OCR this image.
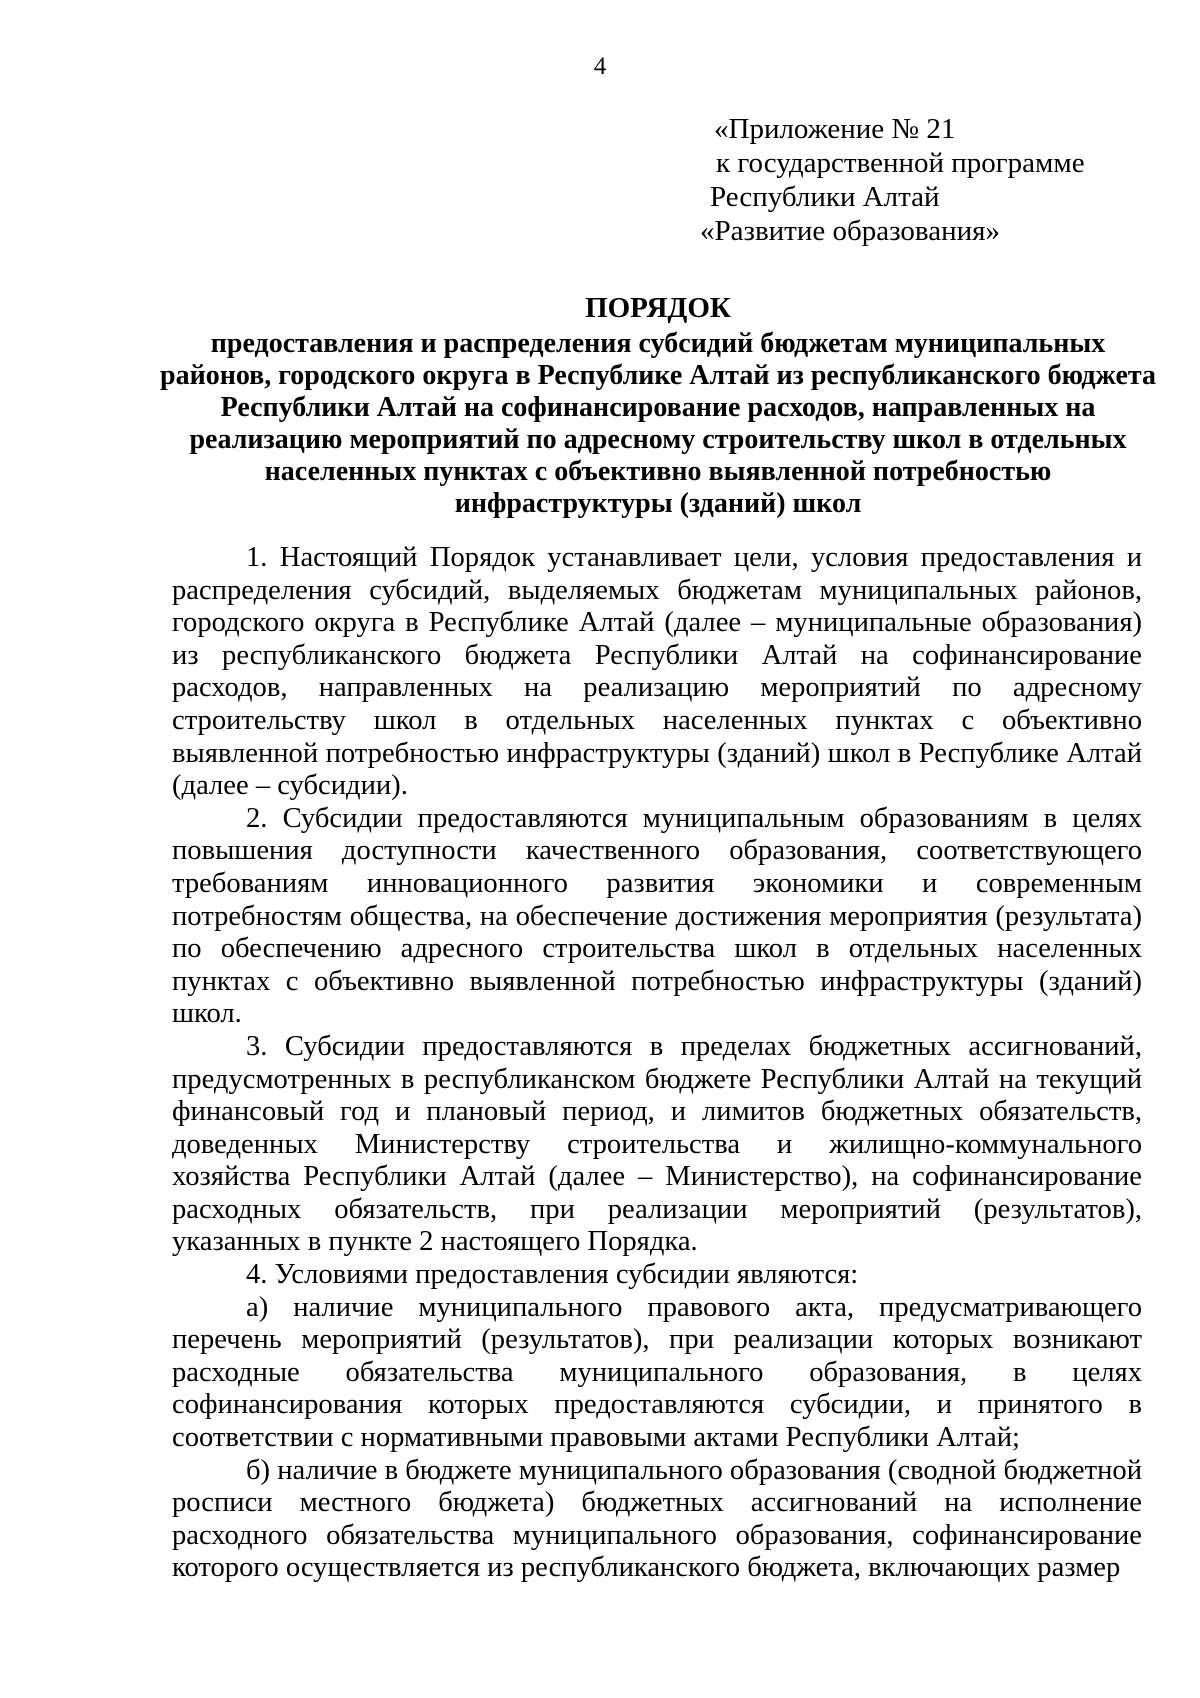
4
«Приложение № 21
к государственной программе
Республики Алтай
«Развитие образования»
ПОРЯДОК
предоставления и распределения субсидий бюджетам муниципальных районов, городского округа в Республике Алтай из республиканского бюджета Республики Алтай на софинансирование расходов, направленных на реализацию мероприятий по адресному строительству школ в отдельных населенных пунктах с объективно выявленной потребностью инфраструктуры (зданий) школ

1. Настоящий Порядок устанавливает цели, условия предоставления и распределения субсидий, выделяемых бюджетам муниципальных районов, городского округа в Республике Алтай (далее – муниципальные образования) из республиканского бюджета Республики Алтай на софинансирование расходов, направленных на реализацию мероприятий по адресному строительству школ в отдельных населенных пунктах с объективно выявленной потребностью инфраструктуры (зданий) школ в Республике Алтай (далее – субсидии).

2. Субсидии предоставляются муниципальным образованиям в целях повышения доступности качественного образования, соответствующего требованиям инновационного развития экономики и современным потребностям общества, на обеспечение достижения мероприятия (результата) по обеспечению адресного строительства школ в отдельных населенных пунктах с объективно выявленной потребностью инфраструктуры (зданий) школ.

3. Субсидии предоставляются в пределах бюджетных ассигнований, предусмотренных в республиканском бюджете Республики Алтай на текущий финансовый год и плановый период, и лимитов бюджетных обязательств, доведенных Министерству строительства и жилищно-коммунального хозяйства Республики Алтай (далее – Министерство), на софинансирование расходных обязательств, при реализации мероприятий (результатов), указанных в пункте 2 настоящего Порядка.

4. Условиями предоставления субсидии являются:

а) наличие муниципального правового акта, предусматривающего перечень мероприятий (результатов), при реализации которых возникают расходные обязательства муниципального образования, в целях софинансирования которых предоставляются субсидии, и принятого в соответствии с нормативными правовыми актами Республики Алтай;

б) наличие в бюджете муниципального образования (сводной бюджетной росписи местного бюджета) бюджетных ассигнований на исполнение расходного обязательства муниципального образования, софинансирование которого осуществляется из республиканского бюджета, включающих размер
